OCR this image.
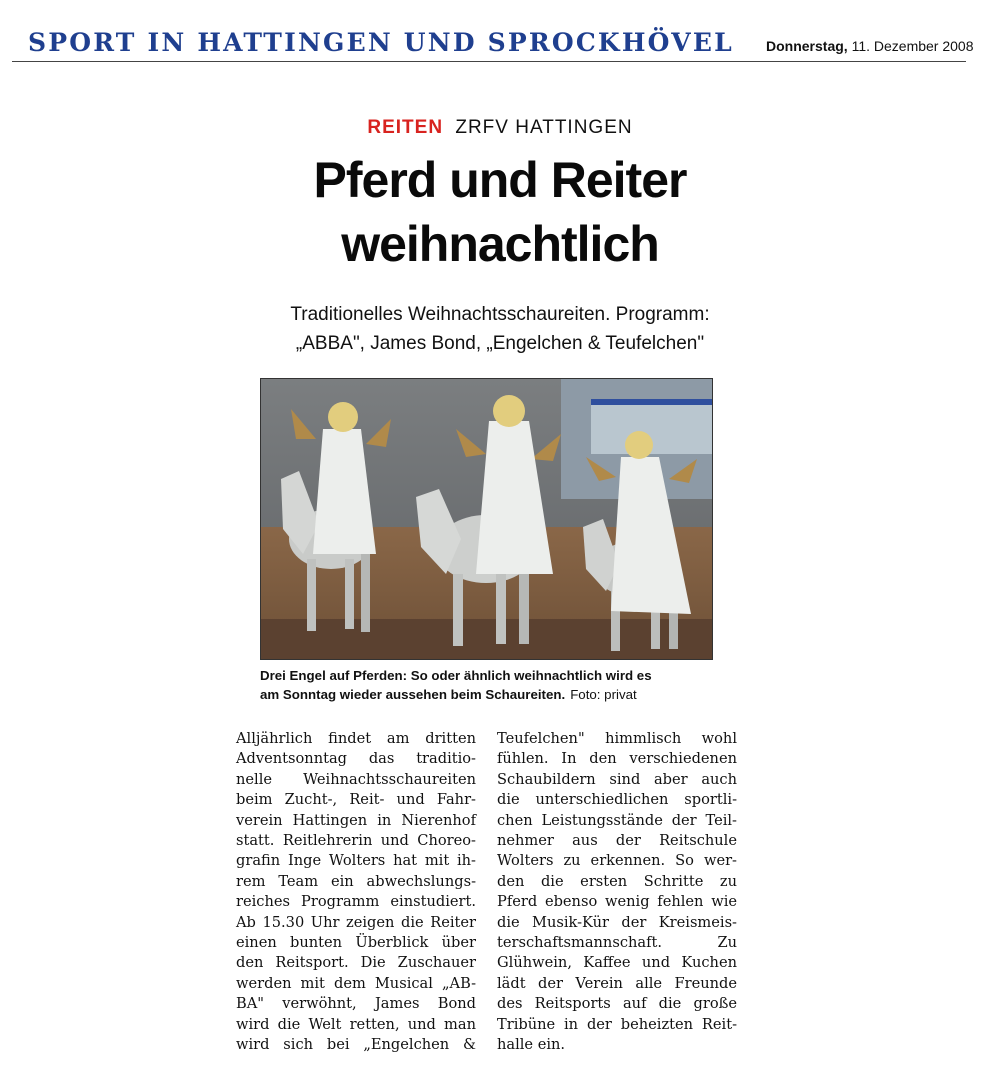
SPORT IN HATTINGEN UND SPROCKHÖVEL Donnerstag, 11. Dezember 2008
REITEN ZRFV HATTINGEN
Pferd und Reiter
weihnachtlich
Traditionelles Weihnachtsschaureiten. Programm:
„ABBA", James Bond, „Engelchen & Teufelchen"
Drei Engel auf Pferden: So oder ähnlich weihnachtlich wird es
am Sonntag wieder aussehen beim Schaureiten. Foto: privat
Alljährlich findet am dritten
Adventsonntag das traditio-
nelle Weihnachtsschaureiten
beim Zucht-, Reit- und Fahr-
verein Hattingen in Nierenhof
statt. Reitlehrerin und Choreo-
grafin Inge Wolters hat mit ih-
rem Team ein abwechslungs-
reiches Programm einstudiert.
Ab 15.30 Uhr zeigen die Reiter
einen bunten Überblick über
den Reitsport. Die Zuschauer
werden mit dem Musical „AB-
BA" verwöhnt, James Bond
wird die Welt retten, und man
wird sich bei „Engelchen &
Teufelchen" himmlisch wohl
fühlen. In den verschiedenen
Schaubildern sind aber auch
die unterschiedlichen sportli-
chen Leistungsstände der Teil-
nehmer aus der Reitschule
Wolters zu erkennen. So wer-
den die ersten Schritte zu
Pferd ebenso wenig fehlen wie
die Musik-Kür der Kreismeis-
terschaftsmannschaft. Zu
Glühwein, Kaffee und Kuchen
lädt der Verein alle Freunde
des Reitsports auf die große
Tribüne in der beheizten Reit-
halle ein.
